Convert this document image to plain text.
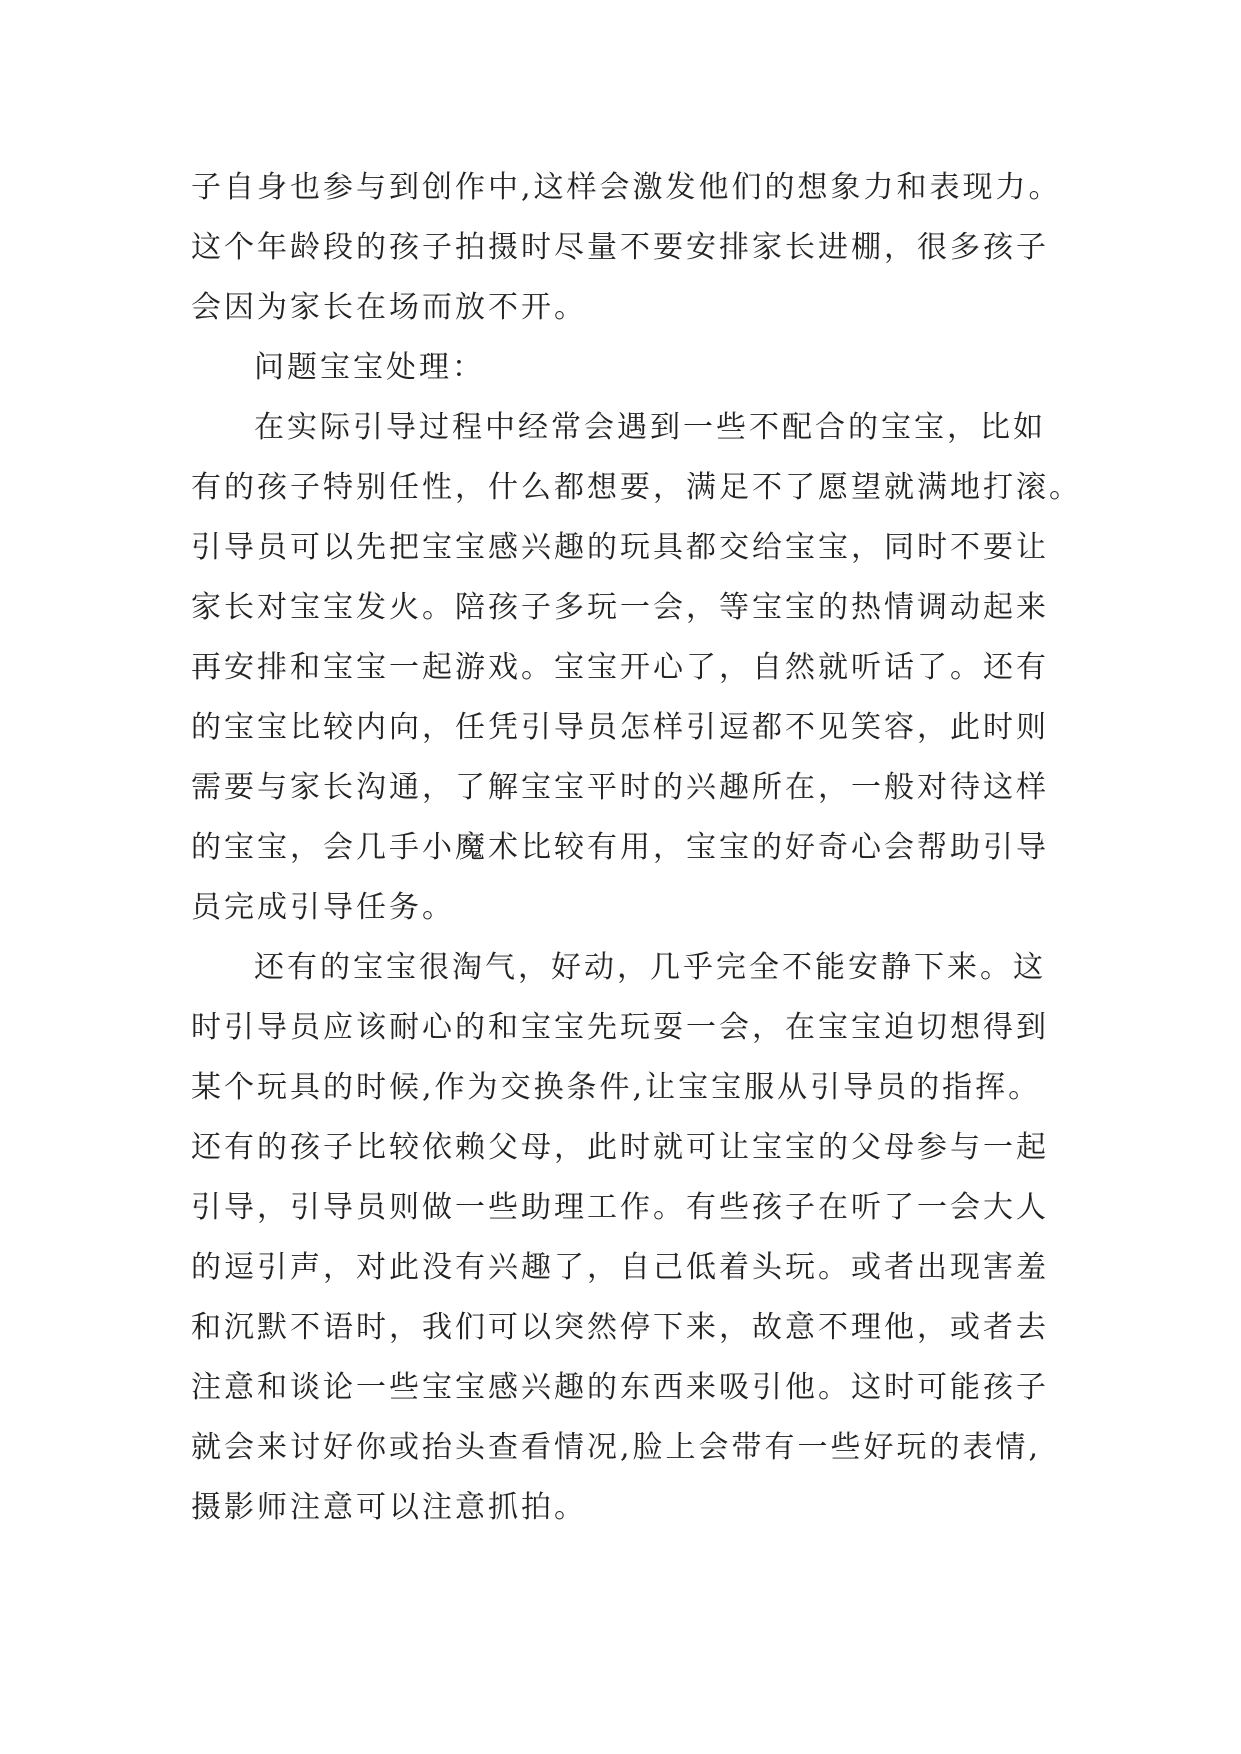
子自身也参与到创作中,这样会激发他们的想象力和表现力。
这个年龄段的孩子拍摄时尽量不要安排家长进棚，很多孩子
会因为家长在场而放不开。
问题宝宝处理：
在实际引导过程中经常会遇到一些不配合的宝宝，比如
有的孩子特别任性，什么都想要，满足不了愿望就满地打滚。
引导员可以先把宝宝感兴趣的玩具都交给宝宝，同时不要让
家长对宝宝发火。陪孩子多玩一会，等宝宝的热情调动起来
再安排和宝宝一起游戏。宝宝开心了，自然就听话了。还有
的宝宝比较内向，任凭引导员怎样引逗都不见笑容，此时则
需要与家长沟通，了解宝宝平时的兴趣所在，一般对待这样
的宝宝，会几手小魔术比较有用，宝宝的好奇心会帮助引导
员完成引导任务。
还有的宝宝很淘气，好动，几乎完全不能安静下来。这
时引导员应该耐心的和宝宝先玩耍一会，在宝宝迫切想得到
某个玩具的时候,作为交换条件,让宝宝服从引导员的指挥。
还有的孩子比较依赖父母，此时就可让宝宝的父母参与一起
引导，引导员则做一些助理工作。有些孩子在听了一会大人
的逗引声，对此没有兴趣了，自己低着头玩。或者出现害羞
和沉默不语时，我们可以突然停下来，故意不理他，或者去
注意和谈论一些宝宝感兴趣的东西来吸引他。这时可能孩子
就会来讨好你或抬头查看情况,脸上会带有一些好玩的表情,
摄影师注意可以注意抓拍。
